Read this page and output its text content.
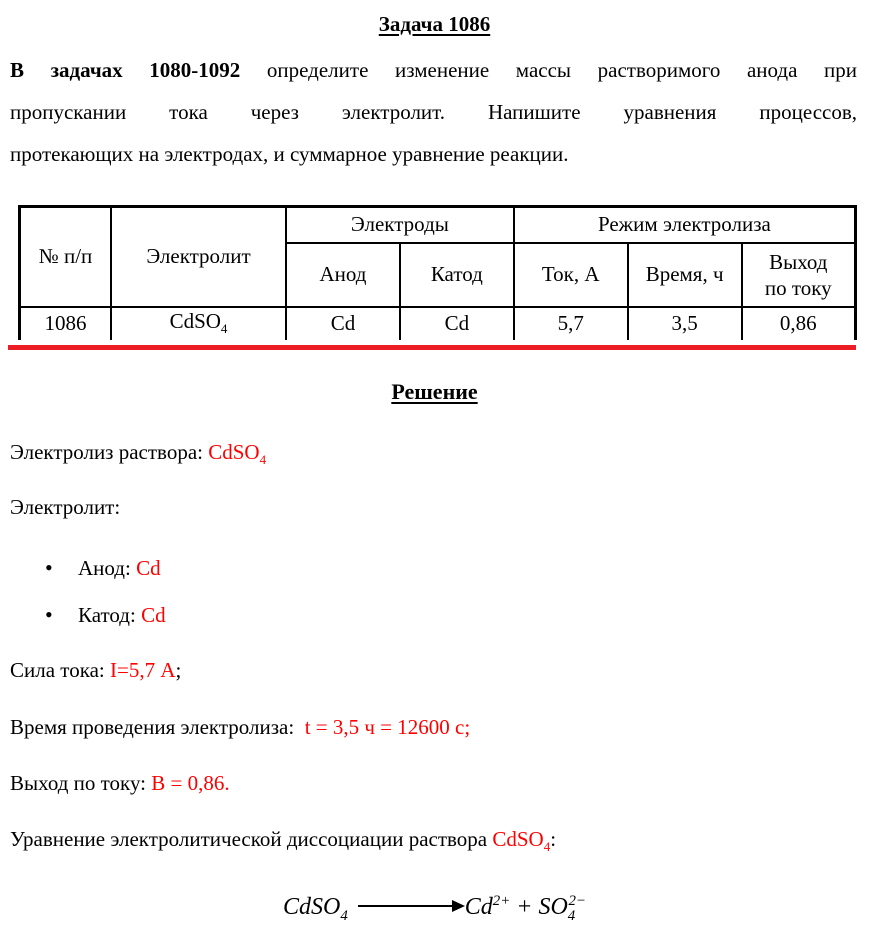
Задача 1086
В задачах 1080-1092 определите изменение массы растворимого анода при
пропускании тока через электролит. Напишите уравнения процессов,
протекающих на электродах, и суммарное уравнение реакции.
№ п/п	Электролит	Электроды		Режим электролиза		
		Анод	Катод	Ток, А	Время, ч	Выход
по току
1086	CdSO$_4$	Cd	Cd	5,7	3,5	0,86
Решение

Электролиз раствора: CdSO$_4$

Электролит:

• Анод: Cd
• Катод: Cd

Сила тока: I=5,7 А;

Время проведения электролиза:  t = 3,5 ч = 12600 с;

Выход по току: B = 0,86.

Уравнение электролитической диссоциации раствора CdSO$_4$:

CdSO$_4$	$Cd^{2+} + SO_4^{2-}$
